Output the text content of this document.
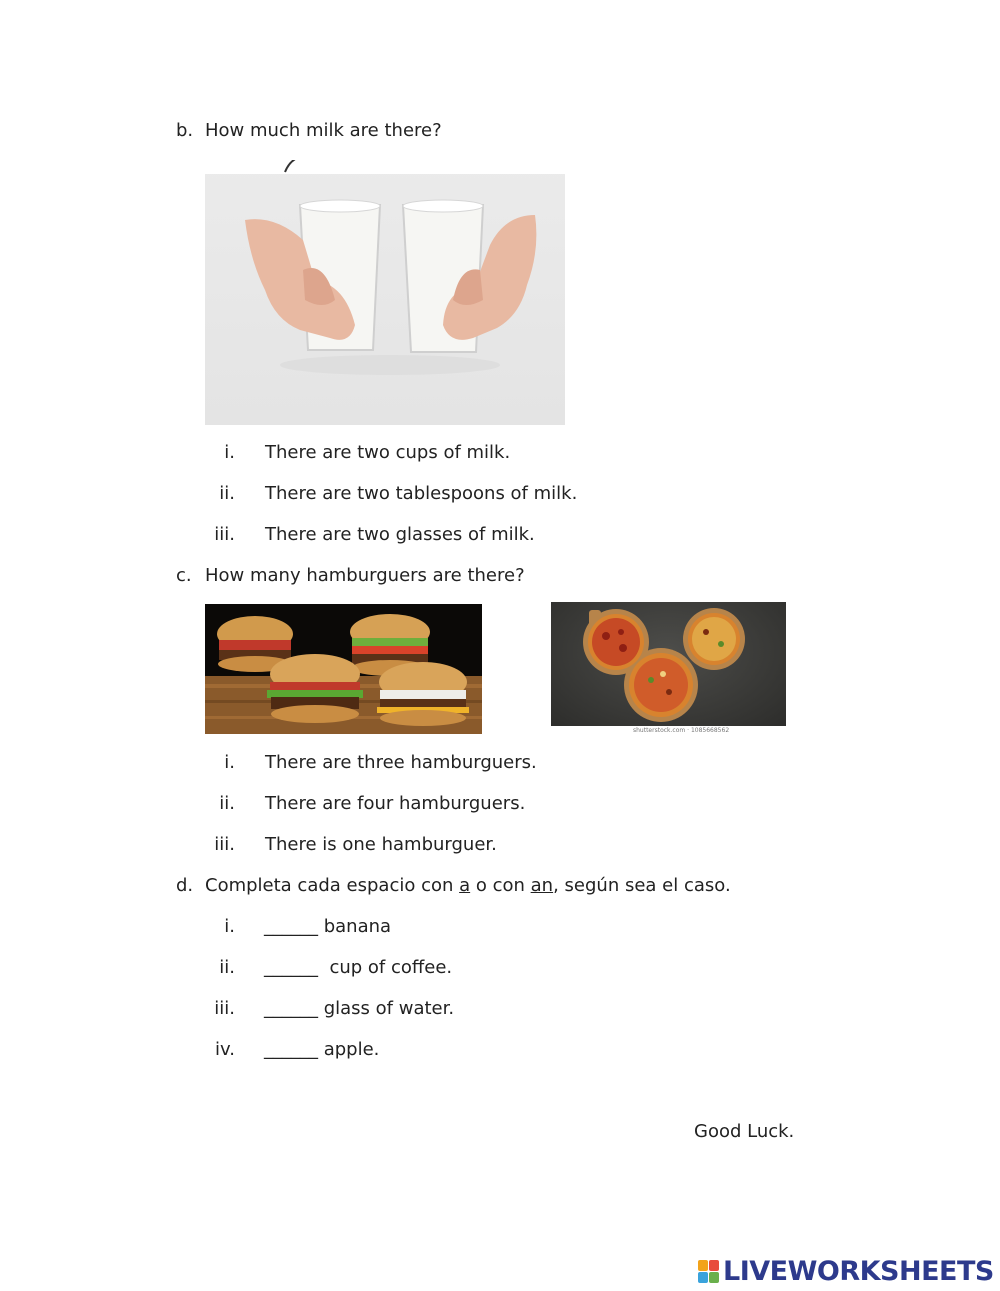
b. How much milk are there?
i. There are two cups of milk.
ii. There are two tablespoons of milk.
iii. There are two glasses of milk.
c. How many hamburguers are there?
shutterstock.com · 1085668562
i. There are three hamburguers.
ii. There are four hamburguers.
iii. There is one hamburguer.
d. Completa cada espacio con a o con an, según sea el caso.
i. ______ banana
ii. ______  cup of coffee.
iii. ______ glass of water.
iv. ______ apple.
Good Luck.
LIVEWORKSHEETS
